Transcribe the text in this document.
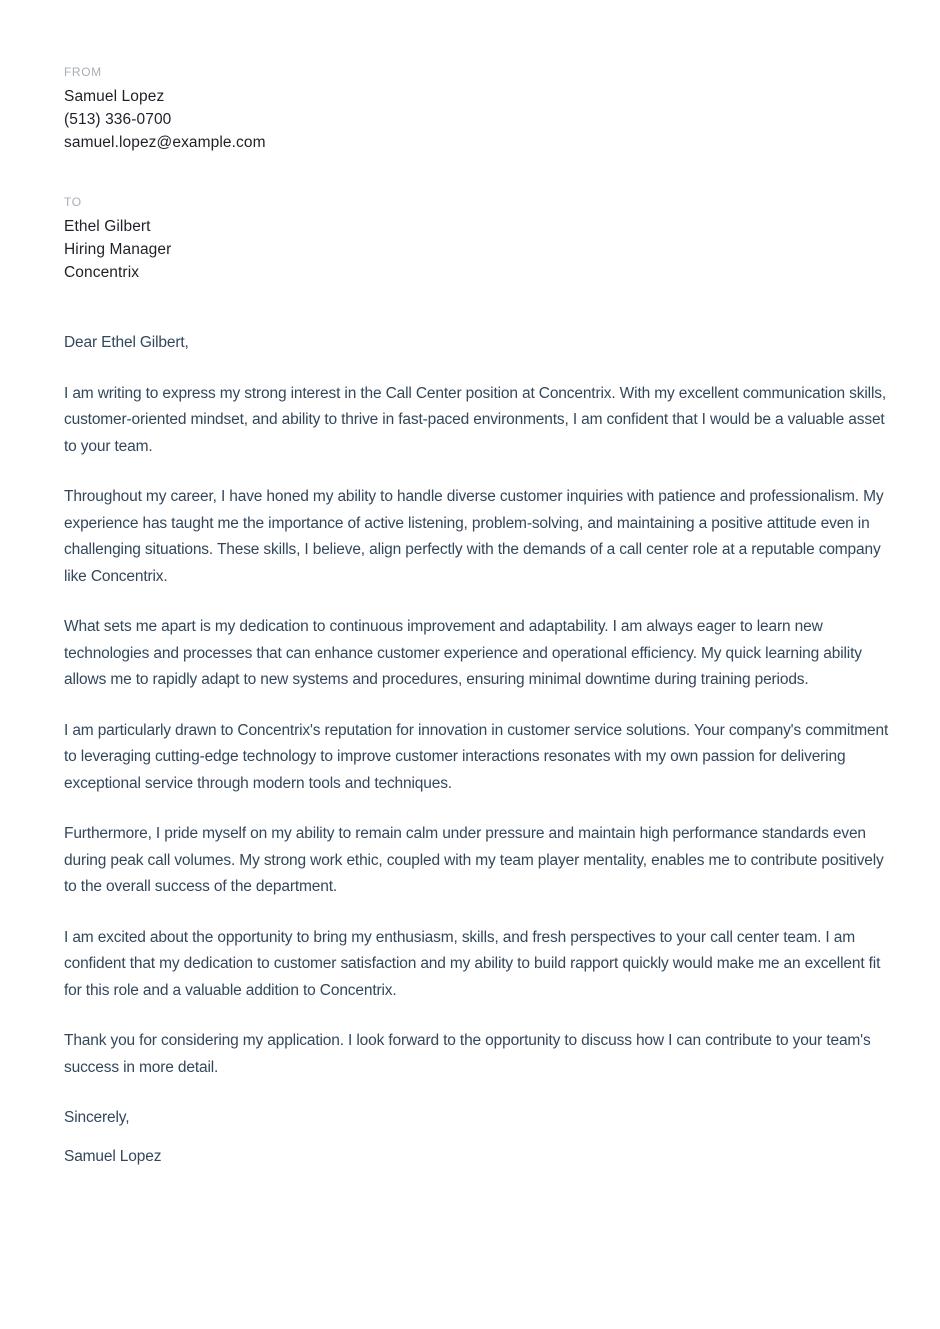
FROM
Samuel Lopez
(513) 336-0700
samuel.lopez@example.com
TO
Ethel Gilbert
Hiring Manager
Concentrix

Dear Ethel Gilbert,

I am writing to express my strong interest in the Call Center position at Concentrix. With my excellent communication skills, customer-oriented mindset, and ability to thrive in fast-paced environments, I am confident that I would be a valuable asset to your team.

Throughout my career, I have honed my ability to handle diverse customer inquiries with patience and professionalism. My experience has taught me the importance of active listening, problem-solving, and maintaining a positive attitude even in challenging situations. These skills, I believe, align perfectly with the demands of a call center role at a reputable company like Concentrix.

What sets me apart is my dedication to continuous improvement and adaptability. I am always eager to learn new technologies and processes that can enhance customer experience and operational efficiency. My quick learning ability allows me to rapidly adapt to new systems and procedures, ensuring minimal downtime during training periods.

I am particularly drawn to Concentrix's reputation for innovation in customer service solutions. Your company's commitment to leveraging cutting-edge technology to improve customer interactions resonates with my own passion for delivering exceptional service through modern tools and techniques.

Furthermore, I pride myself on my ability to remain calm under pressure and maintain high performance standards even during peak call volumes. My strong work ethic, coupled with my team player mentality, enables me to contribute positively to the overall success of the department.

I am excited about the opportunity to bring my enthusiasm, skills, and fresh perspectives to your call center team. I am confident that my dedication to customer satisfaction and my ability to build rapport quickly would make me an excellent fit for this role and a valuable addition to Concentrix.

Thank you for considering my application. I look forward to the opportunity to discuss how I can contribute to your team's success in more detail.

Sincerely,

Samuel Lopez
